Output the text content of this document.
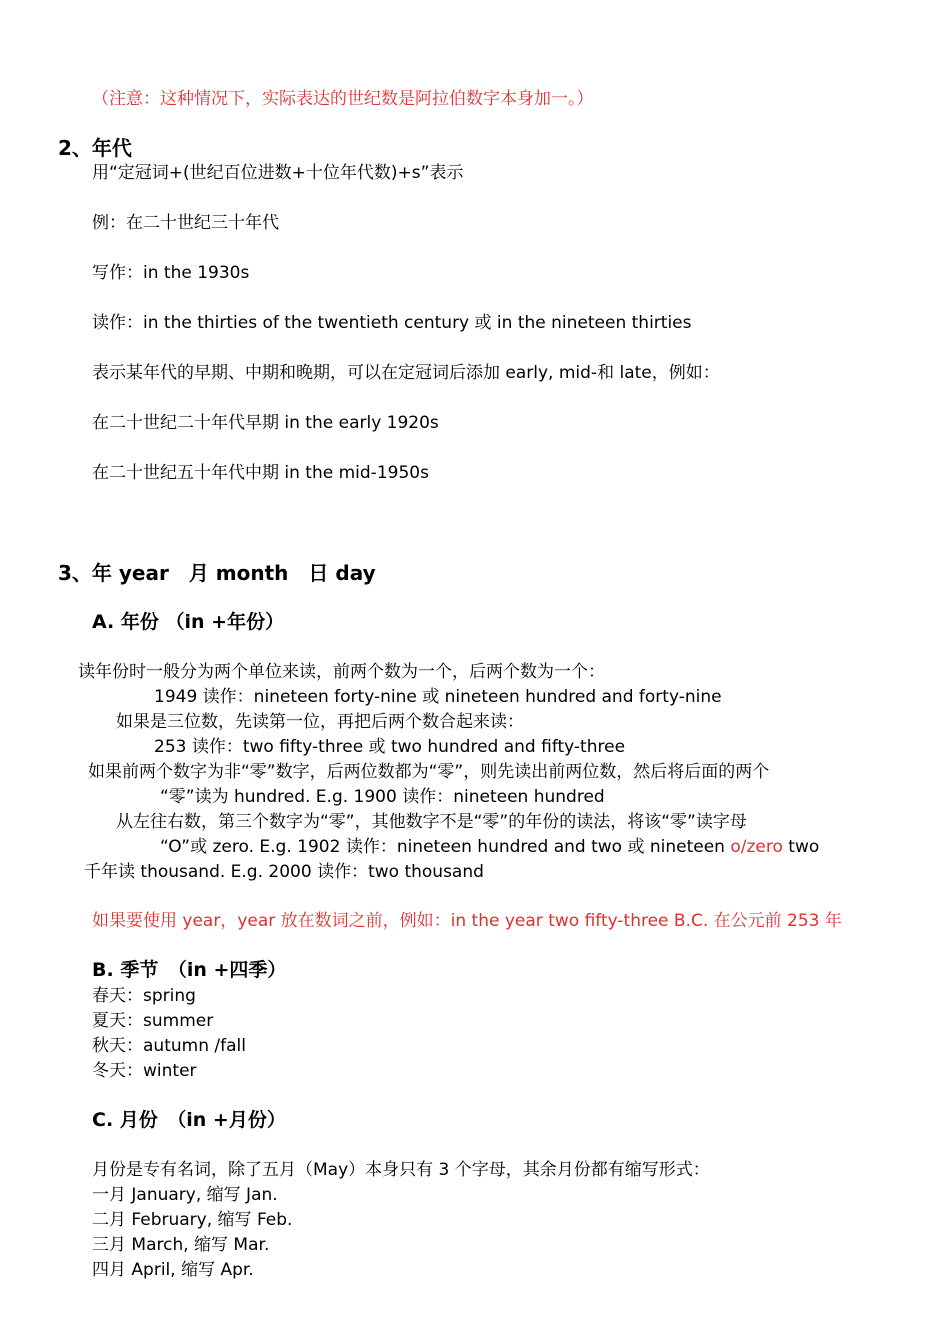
（注意：这种情况下，实际表达的世纪数是阿拉伯数字本身加一。）
2、年代
用“定冠词+(世纪百位进数+十位年代数)+s”表示
例：在二十世纪三十年代
写作：in the 1930s
读作：in the thirties of the twentieth century 或 in the nineteen thirties
表示某年代的早期、中期和晚期，可以在定冠词后添加 early, mid-和 late，例如：
在二十世纪二十年代早期 in the early 1920s
在二十世纪五十年代中期 in the mid-1950s
3、年 year　月 month　日 day
A. 年份 （in +年份）
读年份时一般分为两个单位来读，前两个数为一个，后两个数为一个：
1949 读作：nineteen forty-nine 或 nineteen hundred and forty-nine
如果是三位数，先读第一位，再把后两个数合起来读：
253 读作：two fifty-three 或 two hundred and fifty-three
如果前两个数字为非“零”数字，后两位数都为“零”，则先读出前两位数，然后将后面的两个
“零”读为 hundred. E.g. 1900 读作：nineteen hundred
从左往右数，第三个数字为“零”，其他数字不是“零”的年份的读法，将该“零”读字母
“O”或 zero. E.g. 1902 读作：nineteen hundred and two 或 nineteen o/zero two
千年读 thousand. E.g. 2000 读作：two thousand
如果要使用 year，year 放在数词之前，例如：in the year two fifty-three B.C. 在公元前 253 年
B. 季节　（in +四季）
春天：spring
夏天：summer
秋天：autumn /fall
冬天：winter
C. 月份　（in +月份）
月份是专有名词，除了五月（May）本身只有 3 个字母，其余月份都有缩写形式：
一月 January, 缩写 Jan.
二月 February, 缩写 Feb.
三月 March, 缩写 Mar.
四月 April, 缩写 Apr.
